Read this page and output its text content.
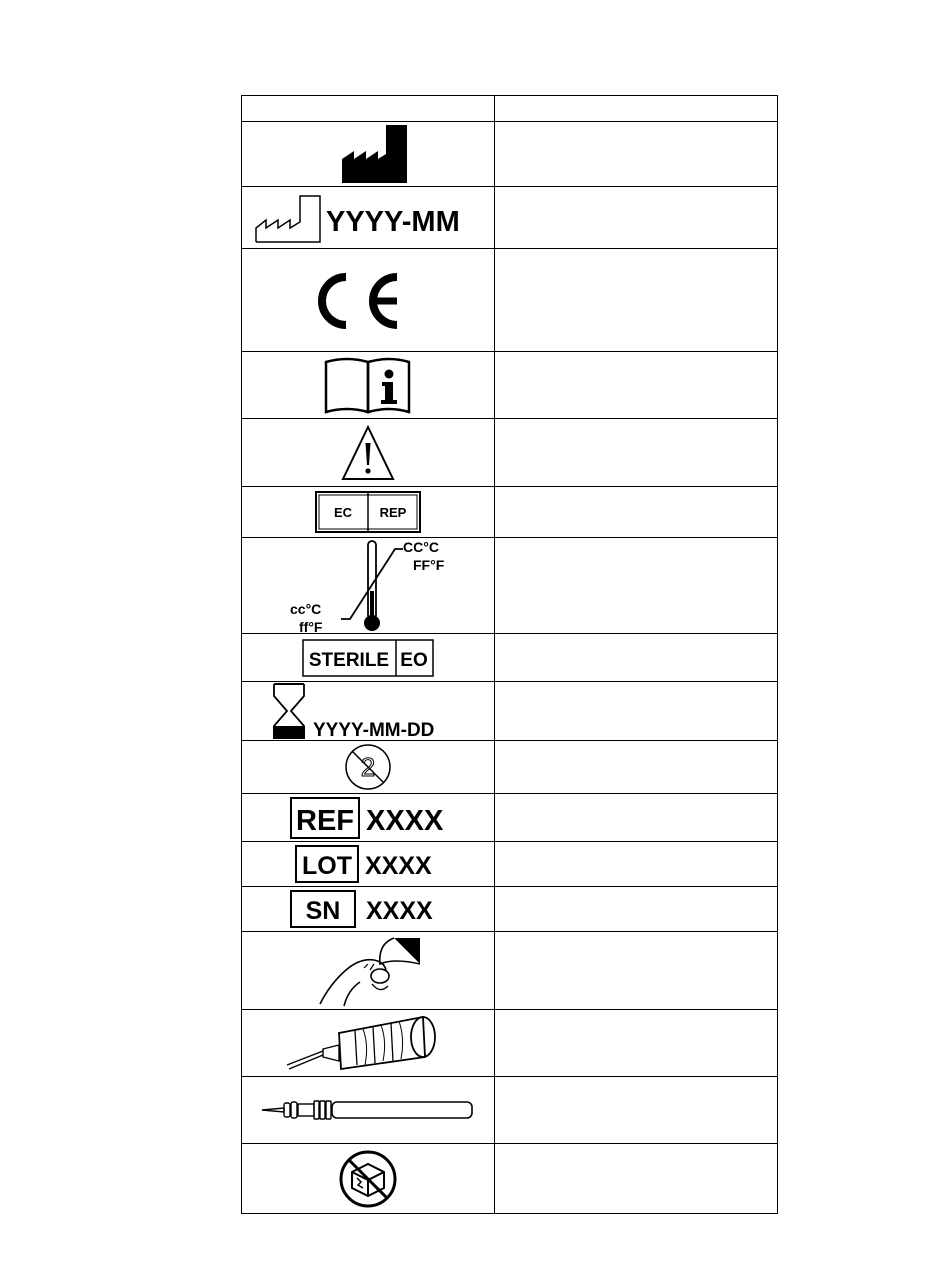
YYYY-MM	

EC REP	

CC°C
FF°F
cc°C
ff°F	

STERILE EO	

YYYY-MM-DD	

2	

REF XXXX	

LOT XXXX	

SN XXXX	
